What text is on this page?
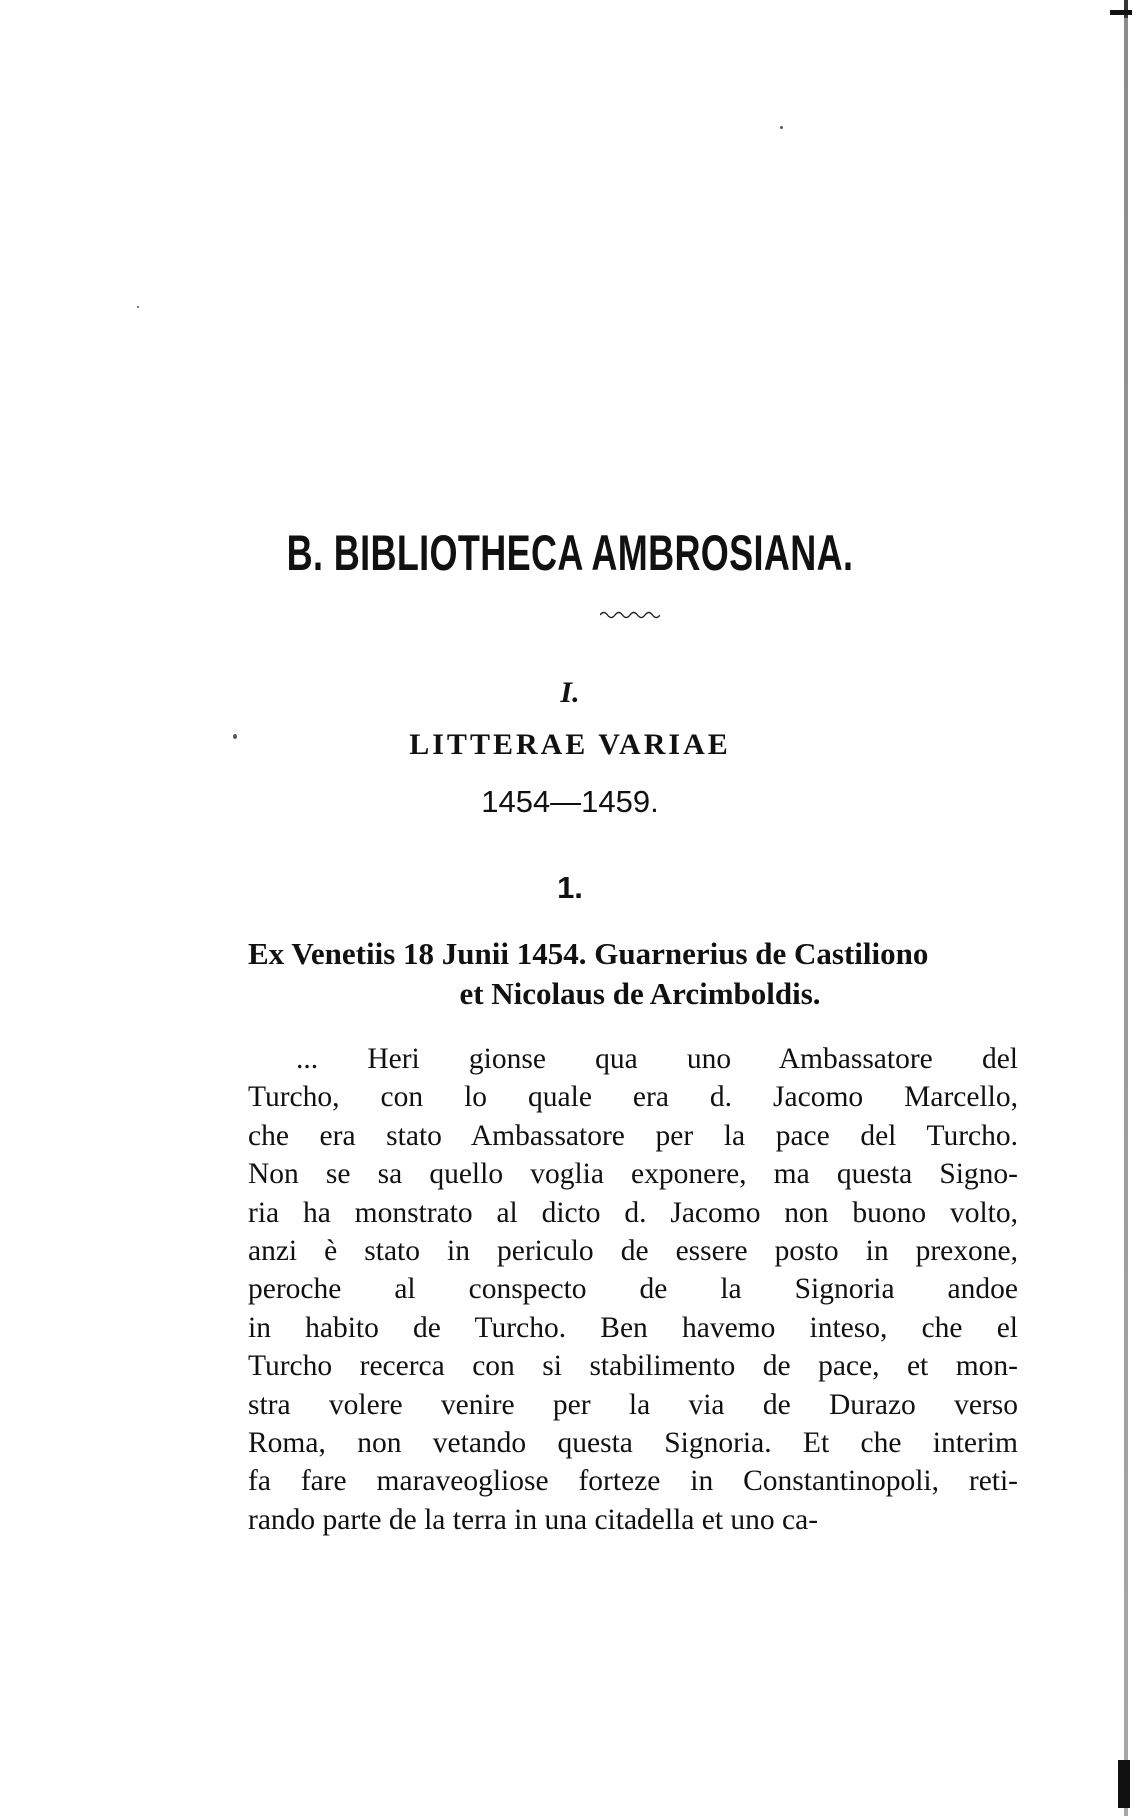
B. BIBLIOTHECA AMBROSIANA.
I.
LITTERAE VARIAE
1454—1459.
1.
Ex Venetiis 18 Junii 1454. Guarnerius de Castiliono
et Nicolaus de Arcimboldis.
... Heri gionse qua uno Ambassatore del
Turcho, con lo quale era d. Jacomo Marcello,
che era stato Ambassatore per la pace del Turcho.
Non se sa quello voglia exponere, ma questa Signo-
ria ha monstrato al dicto d. Jacomo non buono volto,
anzi è stato in periculo de essere posto in prexone,
peroche al conspecto de la Signoria andoe
in habito de Turcho. Ben havemo inteso, che el
Turcho recerca con si stabilimento de pace, et mon-
stra volere venire per la via de Durazo verso
Roma, non vetando questa Signoria. Et che interim
fa fare maraveogliose forteze in Constantinopoli, reti-
rando parte de la terra in una citadella et uno ca-
